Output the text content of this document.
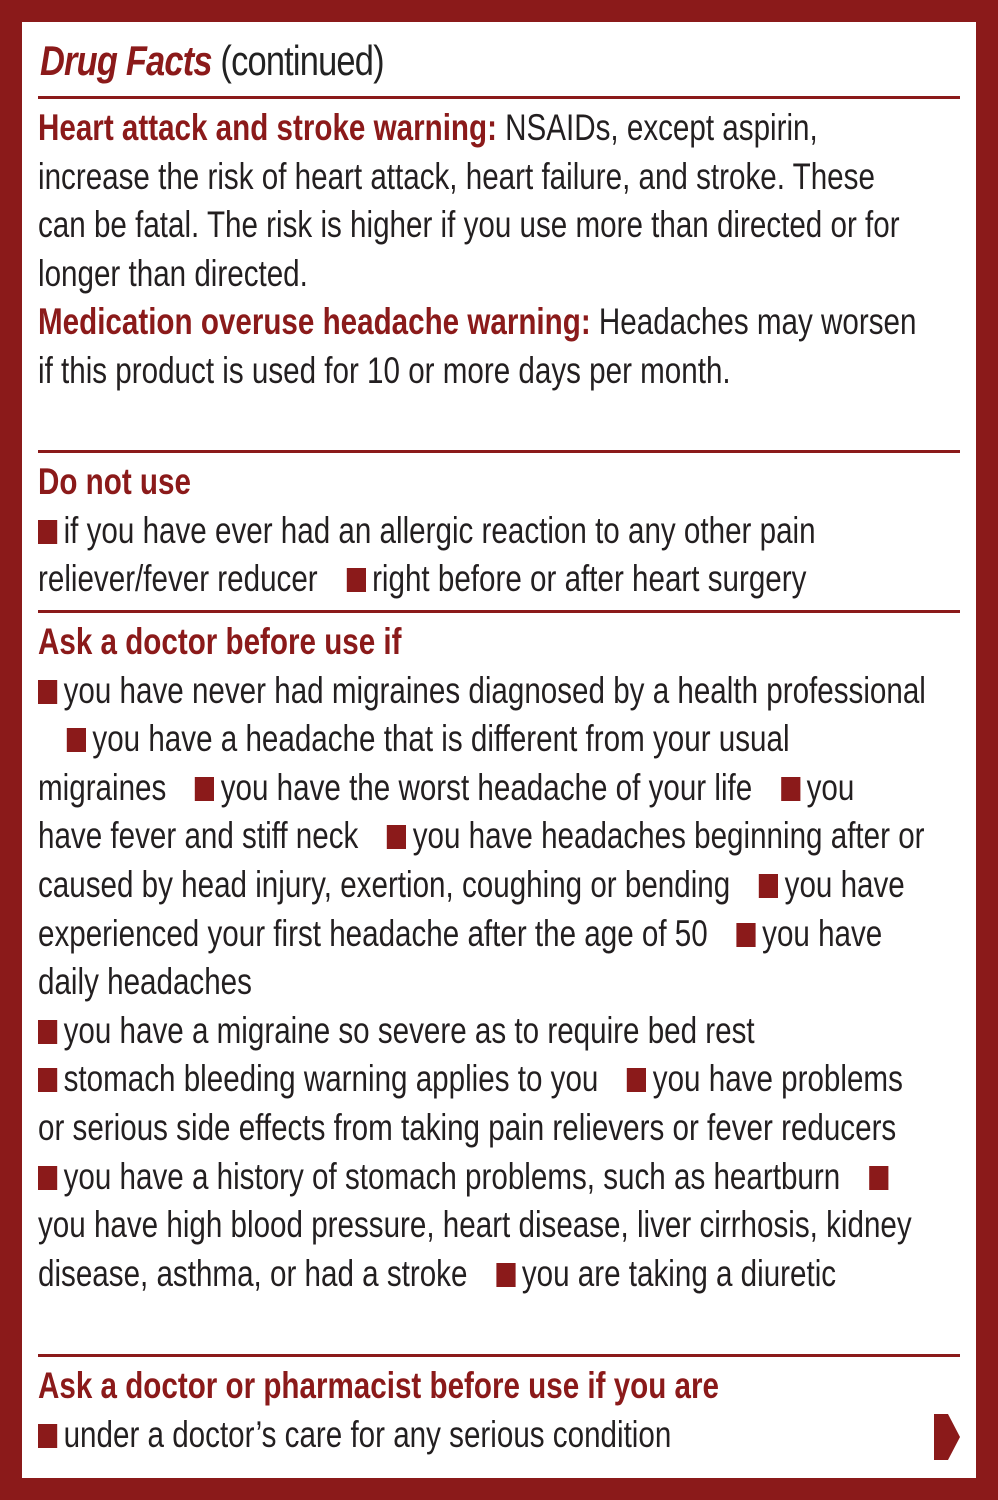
Drug Facts (continued)
Heart attack and stroke warning: NSAIDs, except aspirin, increase the risk of heart attack, heart failure, and stroke. These can be fatal. The risk is higher if you use more than directed or for longer than directed.
Medication overuse headache warning: Headaches may worsen if this product is used for 10 or more days per month.
Do not use
if you have ever had an allergic reaction to any other pain reliever/fever reducer right before or after heart surgery
Ask a doctor before use if
you have never had migraines diagnosed by a health professionalyou have a headache that is different from your usual migraines you have the worst headache of your life you have fever and stiff neck you have headaches beginning after or caused by head injury, exertion, coughing or bending you have experienced your first headache after the age of 50 you have daily headaches
you have a migraine so severe as to require bed rest
stomach bleeding warning applies to you you have problems or serious side effects from taking pain relievers or fever reducersyou have a history of stomach problems, such as heartburnyou have high blood pressure, heart disease, liver cirrhosis, kidney disease, asthma, or had a stroke you are taking a diuretic
Ask a doctor or pharmacist before use if you are
under a doctor’s care for any serious condition
